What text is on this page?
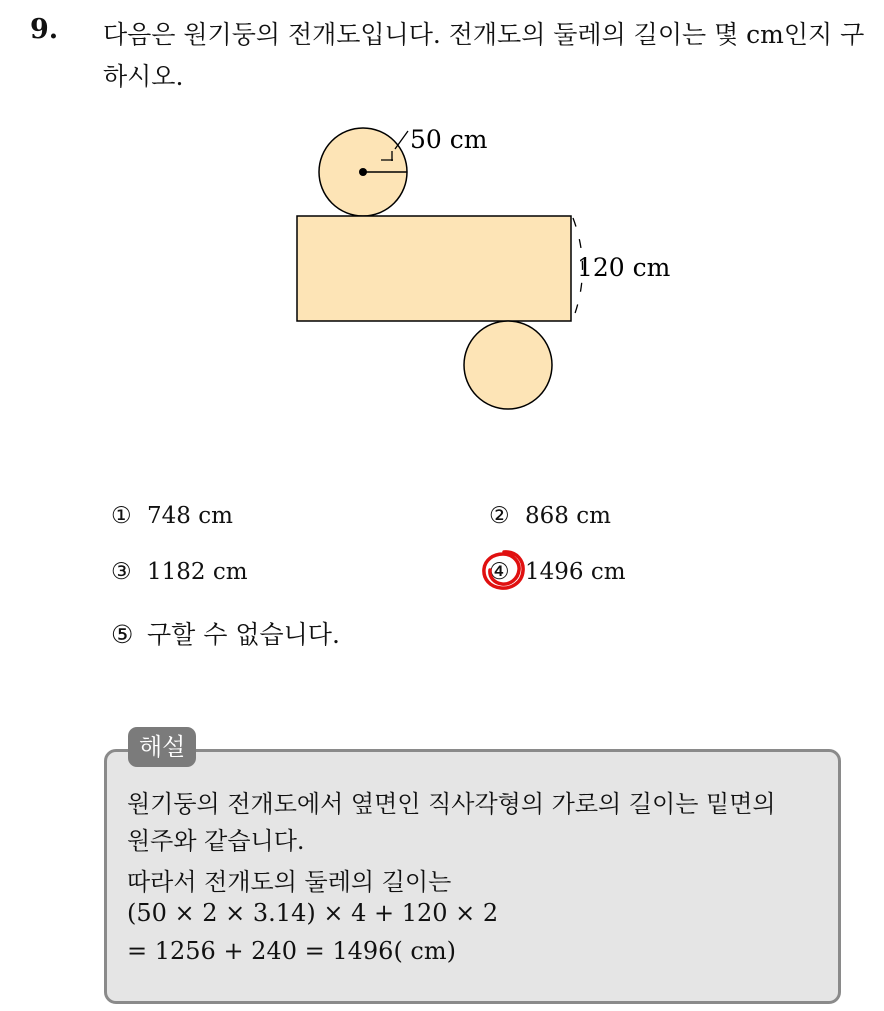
9. 다음은 원기둥의 전개도입니다. 전개도의 둘레의 길이는 몇 cm인지 구하시오.
50 cm
120 cm
① 748 cm	② 868 cm
③ 1182 cm	④ 1496 cm
⑤ 구할 수 없습니다.
해설
원기둥의 전개도에서 옆면인 직사각형의 가로의 길이는 밑면의
원주와 같습니다.
따라서 전개도의 둘레의 길이는
(50 × 2 × 3.14) × 4 + 120 × 2
= 1256 + 240 = 1496( cm)
